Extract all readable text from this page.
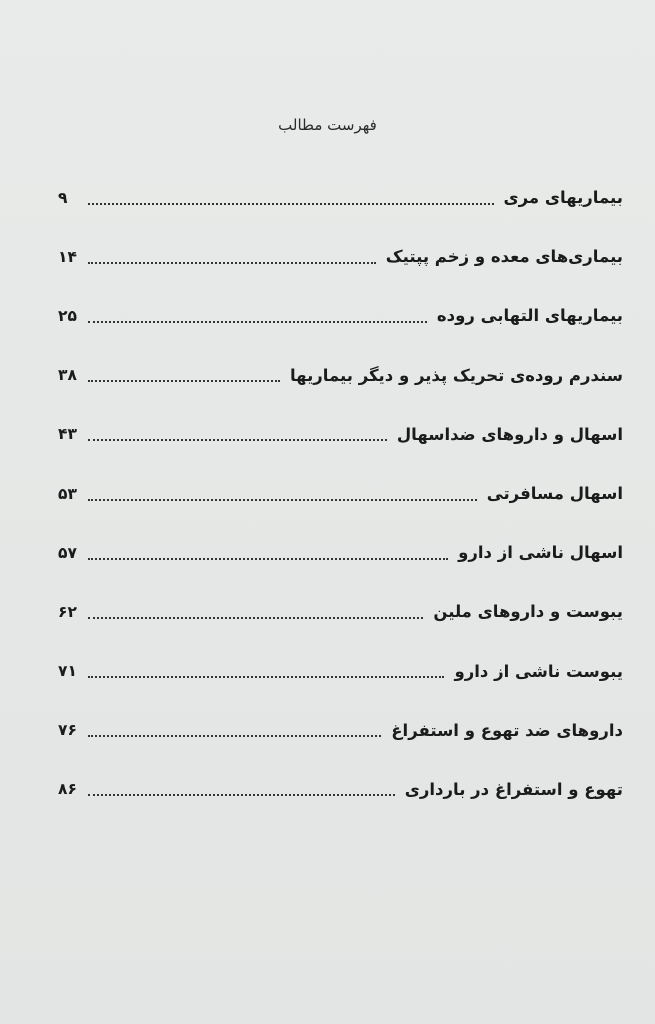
فهرست مطالب
بیماریهای مری
۹
بیماری‌های معده و زخم پپتیک
۱۴
بیماریهای التهابی روده
۲۵
سندرم روده‌ی تحریک پذیر و دیگر بیماریها
۳۸
اسهال و داروهای ضداسهال
۴۳
اسهال مسافرتی
۵۳
اسهال ناشی از دارو
۵۷
یبوست و داروهای ملین
۶۲
یبوست ناشی از دارو
۷۱
داروهای ضد تهوع و استفراغ
۷۶
تهوع و استفراغ در بارداری
۸۶
